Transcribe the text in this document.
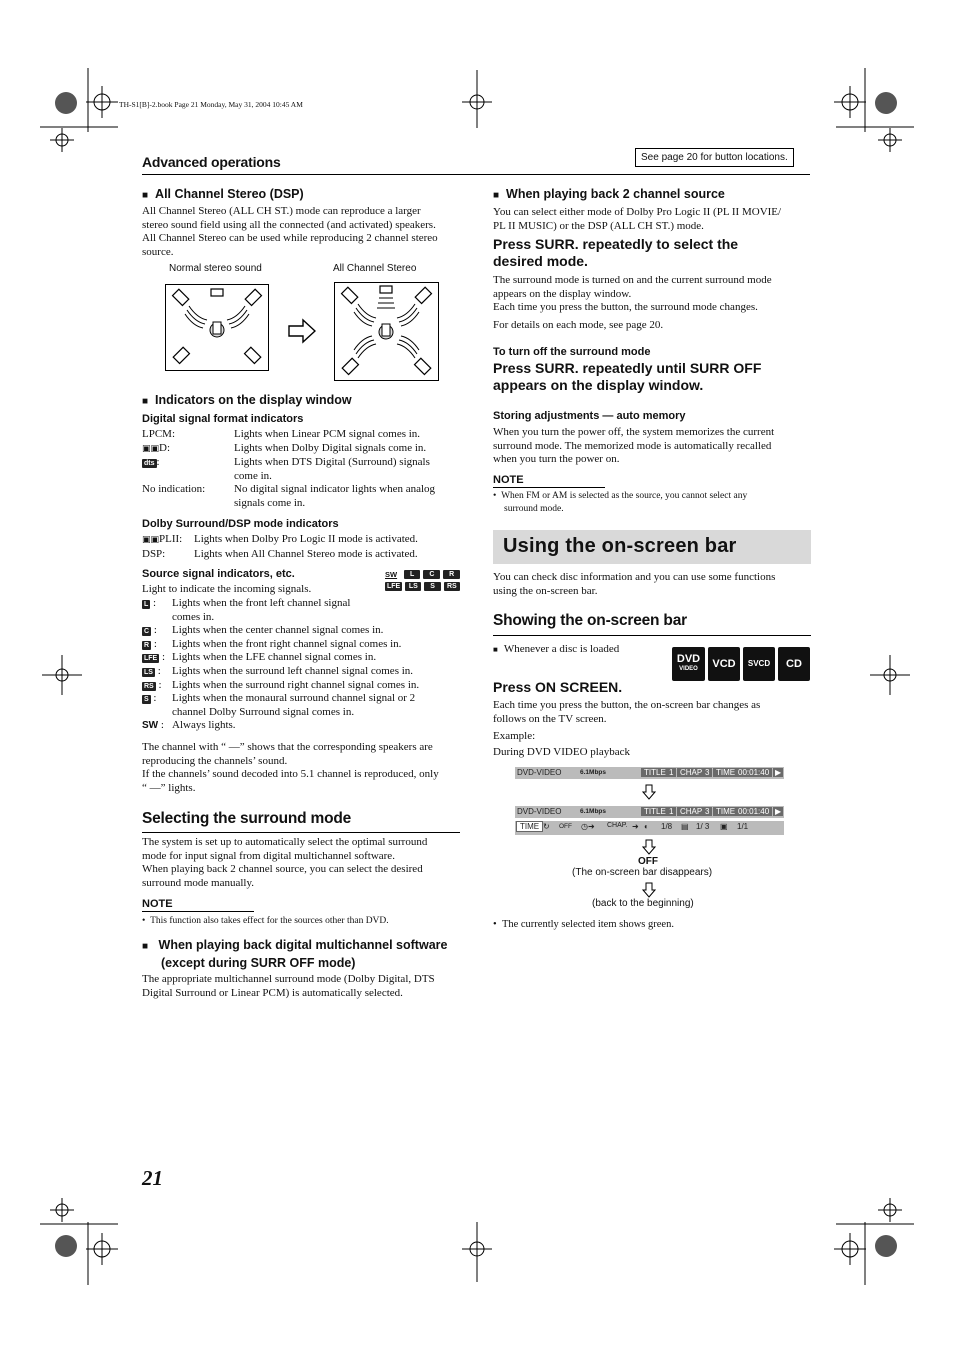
TH-S1[B]-2.book Page 21 Monday, May 31, 2004 10:45 AM
Advanced operations	See page 20 for button locations.
■ All Channel Stereo (DSP)
All Channel Stereo (ALL CH ST.) mode can reproduce a larger
stereo sound field using all the connected (and activated) speakers.
All Channel Stereo can be used while reproducing 2 channel stereo
source.
Normal stereo sound	All Channel Stereo
■ Indicators on the display window
Digital signal format indicators
LPCM:	Lights when Linear PCM signal comes in.
▣▣D:	Lights when Dolby Digital signals come in.
dts :	Lights when DTS Digital (Surround) signals
come in.
No indication:	No digital signal indicator lights when analog
signals come in.
Dolby Surround/DSP mode indicators
▣▣PLII:	Lights when Dolby Pro Logic II mode is activated.
DSP:	Lights when All Channel Stereo mode is activated.
Source signal indicators, etc.	SW	L	C	R
LFE	LS	S	RS
Light to indicate the incoming signals.
L :	Lights when the front left channel signal
comes in.
C :	Lights when the center channel signal comes in.
R :	Lights when the front right channel signal comes in.
LFE : Lights when the LFE channel signal comes in.
LS :	Lights when the surround left channel signal comes in.
RS : Lights when the surround right channel signal comes in.
S :	Lights when the monaural surround channel signal or 2
channel Dolby Surround signal comes in.
SW : Always lights.
The channel with “ —” shows that the corresponding speakers are
reproducing the channels’ sound.
If the channels’ sound decoded into 5.1 channel is reproduced, only
“ —” lights.
Selecting the surround mode
The system is set up to automatically select the optimal surround
mode for input signal from digital multichannel software.
When playing back 2 channel source, you can select the desired
surround mode manually.
NOTE
•  This function also takes effect for the sources other than DVD.
■ When playing back digital multichannel software
(except during SURR OFF mode)
The appropriate multichannel surround mode (Dolby Digital, DTS
Digital Surround or Linear PCM) is automatically selected.
■ When playing back 2 channel source
You can select either mode of Dolby Pro Logic II (PL II MOVIE/
PL II MUSIC) or the DSP (ALL CH ST.) mode.
Press SURR. repeatedly to select the
desired mode.
The surround mode is turned on and the current surround mode
appears on the display window.
Each time you press the button, the surround mode changes.
For details on each mode, see page 20.
To turn off the surround mode
Press SURR. repeatedly until SURR OFF
appears on the display window.
Storing adjustments — auto memory
When you turn the power off, the system memorizes the current
surround mode. The memorized mode is automatically recalled
when you turn the power on.
NOTE
•  When FM or AM is selected as the source, you cannot select any
surround mode.
Using the on-screen bar
You can check disc information and you can use some functions
using the on-screen bar.
Showing the on-screen bar
■ Whenever a disc is loaded
DVD
VIDEO	VCD	SVCD	CD
Press ON SCREEN.
Each time you press the button, the on-screen bar changes as
follows on the TV screen.
Example:
During DVD VIDEO playback
DVD-VIDEO	6.1Mbps	TITLE 1 CHAP 3 TIME 00:01:40 ▶
DVD-VIDEO	6.1Mbps	TITLE 1 CHAP 3 TIME 00:01:40 ▶
TIME ↻ OFF ◷➜ CHAP. ➜ ◐ 1/8 ▤ 1/ 3 ▣ 1/1
OFF
(The on-screen bar disappears)
(back to the beginning)
•  The currently selected item shows green.
21
